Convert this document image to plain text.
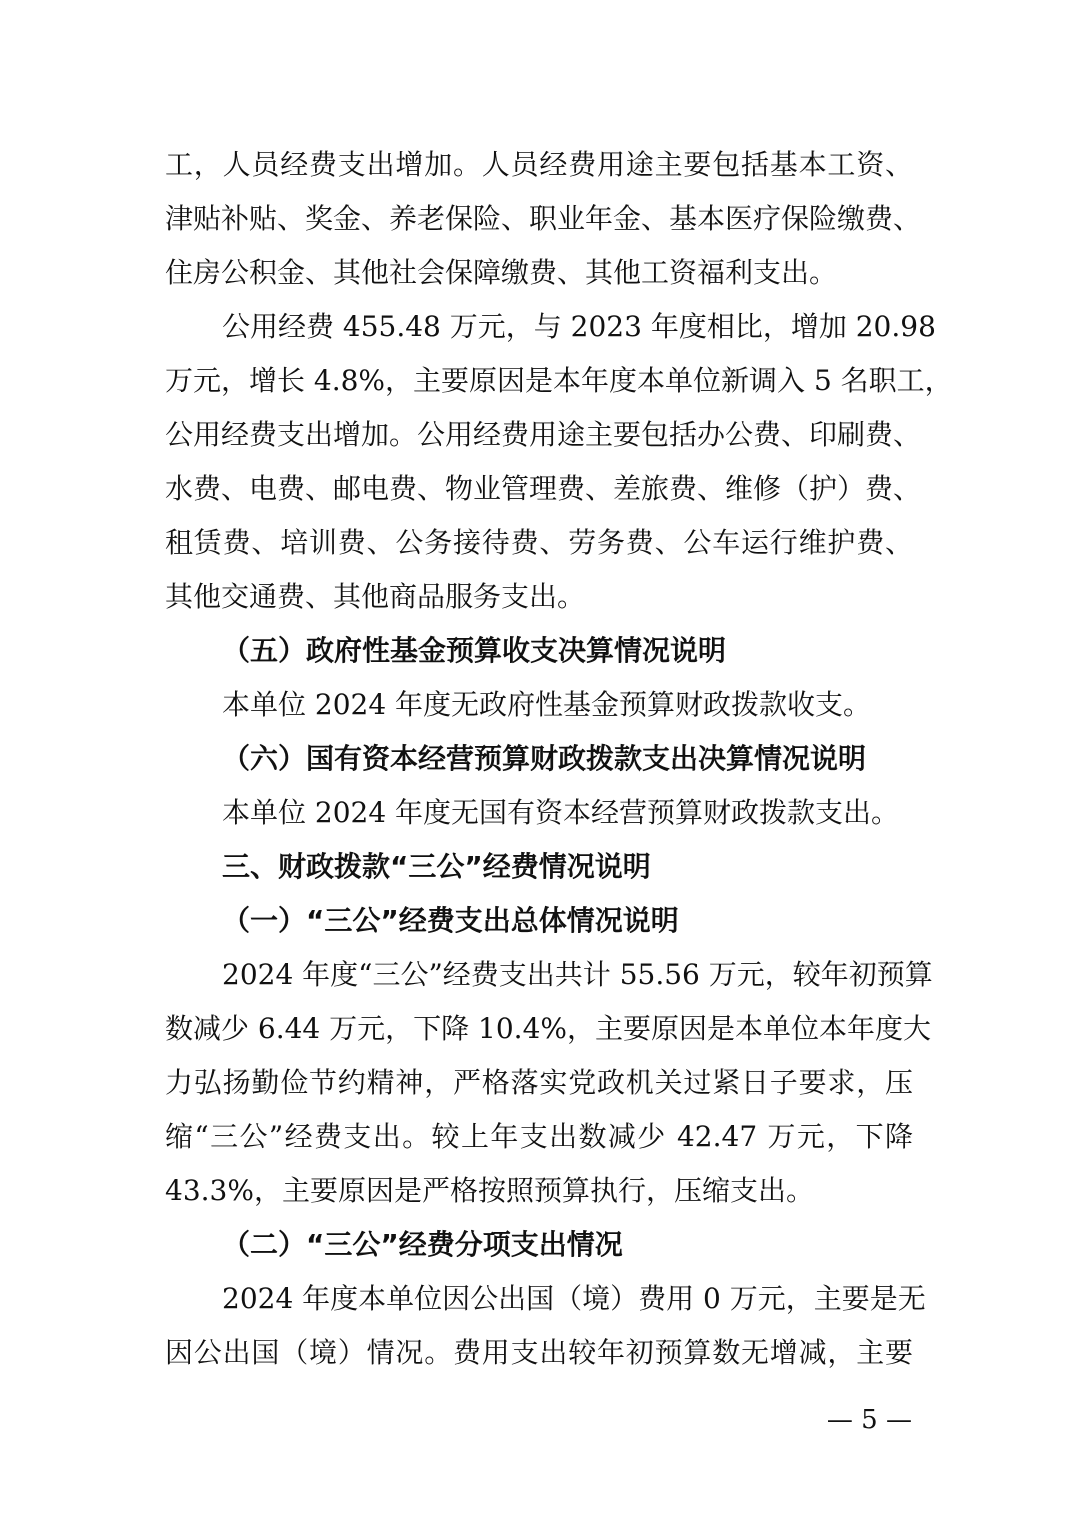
工，人员经费支出增加。人员经费用途主要包括基本工资、

津贴补贴、奖金、养老保险、职业年金、基本医疗保险缴费、

住房公积金、其他社会保障缴费、其他工资福利支出。

公用经费 455.48 万元，与 2023 年度相比，增加 20.98

万元，增长 4.8%，主要原因是本年度本单位新调入 5 名职工，

公用经费支出增加。公用经费用途主要包括办公费、印刷费、

水费、电费、邮电费、物业管理费、差旅费、维修（护）费、

租赁费、培训费、公务接待费、劳务费、公车运行维护费、

其他交通费、其他商品服务支出。

（五）政府性基金预算收支决算情况说明

本单位 2024 年度无政府性基金预算财政拨款收支。

（六）国有资本经营预算财政拨款支出决算情况说明

本单位 2024 年度无国有资本经营预算财政拨款支出。

三、财政拨款“三公”经费情况说明

（一）“三公”经费支出总体情况说明

2024 年度“三公”经费支出共计 55.56 万元，较年初预算

数减少 6.44 万元，下降 10.4%，主要原因是本单位本年度大

力弘扬勤俭节约精神，严格落实党政机关过紧日子要求，压

缩“三公”经费支出。较上年支出数减少 42.47 万元，下降

43.3%，主要原因是严格按照预算执行，压缩支出。

（二）“三公”经费分项支出情况

2024 年度本单位因公出国（境）费用 0 万元，主要是无

因公出国（境）情况。费用支出较年初预算数无增减，主要

— 5 —
